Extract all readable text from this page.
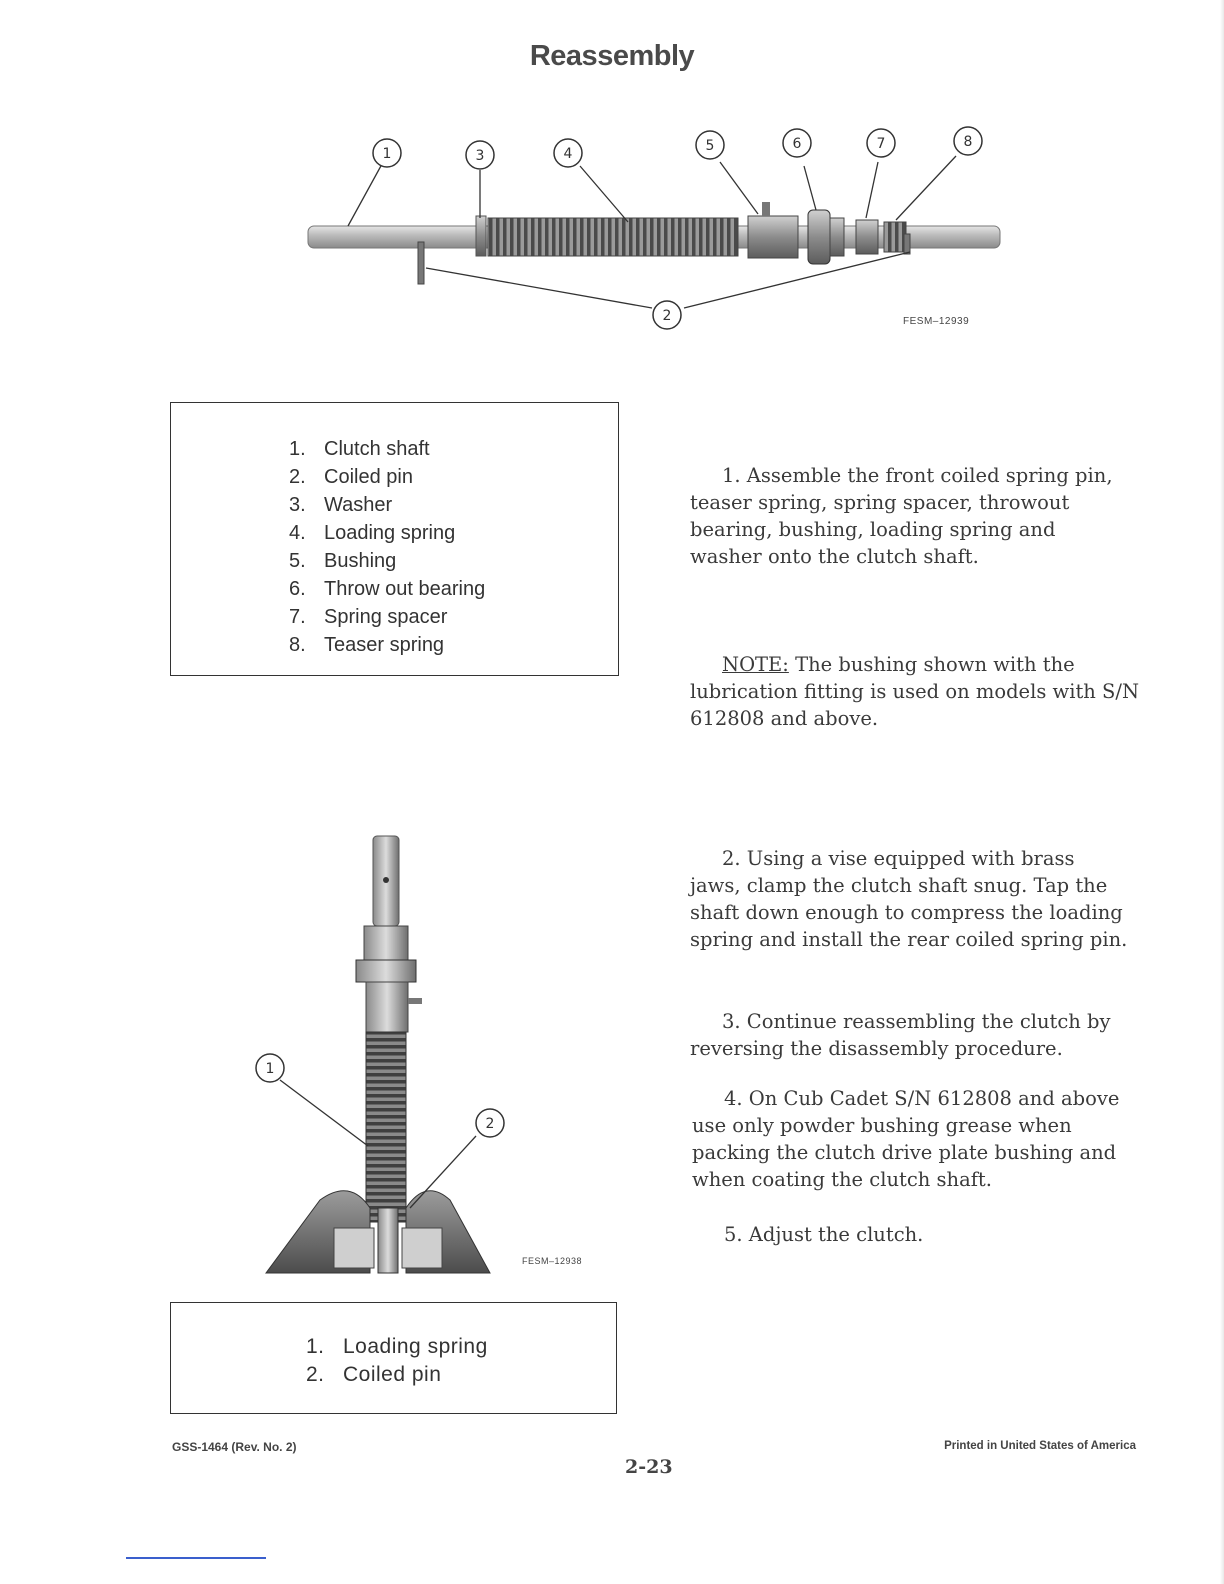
Reassembly
1	3	4	5	6	7	8
2	FESM–12939
1. Clutch shaft
2. Coiled pin
3. Washer
4. Loading spring
5. Bushing
6. Throw out bearing
7. Spring spacer
8. Teaser spring
1. Assemble the front coiled spring pin, teaser spring, spring spacer, throwout bearing, bushing, loading spring and washer onto the clutch shaft.
NOTE: The bushing shown with the lubrication fitting is used on models with S/N 612808 and above.
1
2
FESM–12938
1. Loading spring
2. Coiled pin
2. Using a vise equipped with brass jaws, clamp the clutch shaft snug. Tap the shaft down enough to compress the loading spring and install the rear coiled spring pin.
3. Continue reassembling the clutch by reversing the disassembly procedure.
4. On Cub Cadet S/N 612808 and above use only powder bushing grease when packing the clutch drive plate bushing and when coating the clutch shaft.
5. Adjust the clutch.
GSS-1464 (Rev. No. 2)
2-23
Printed in United States of America
